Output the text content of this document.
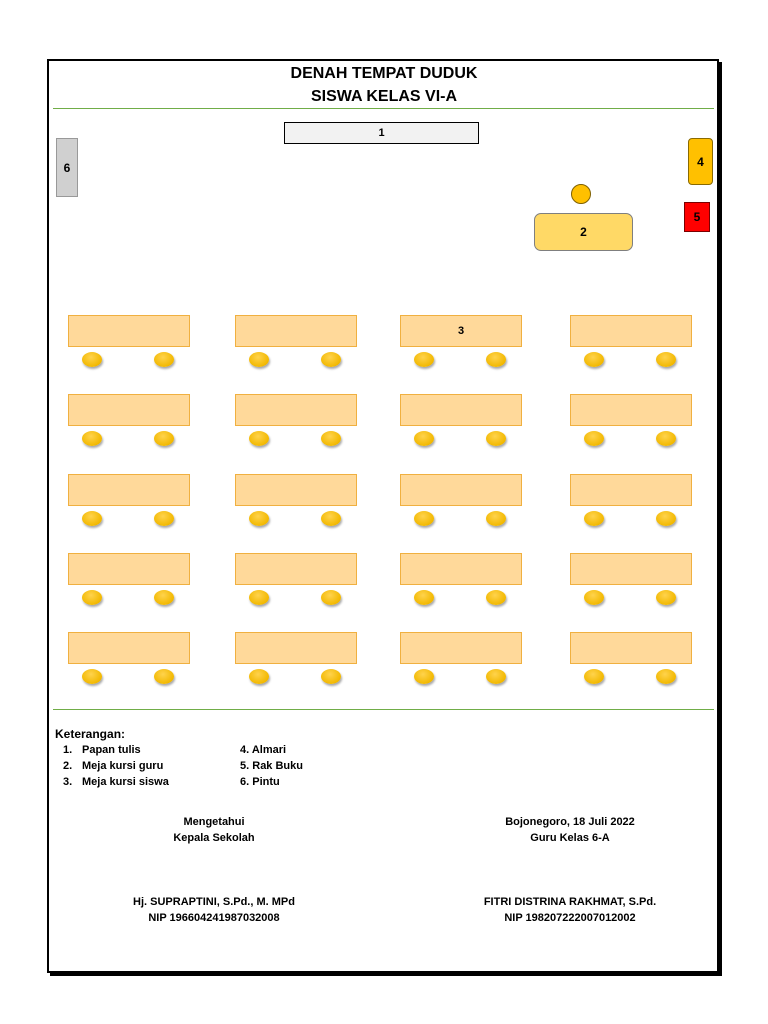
DENAH TEMPAT DUDUK
SISWA KELAS VI-A
1
6	4
5
2
3
Keterangan:
1. Papan tulis
2. Meja kursi guru
3. Meja kursi siswa
4. Almari
5. Rak Buku
6. Pintu
Mengetahui
Kepala Sekolah
Hj. SUPRAPTINI, S.Pd., M. MPd
NIP 196604241987032008
Bojonegoro, 18 Juli 2022
Guru Kelas 6-A
FITRI DISTRINA RAKHMAT, S.Pd.
NIP 198207222007012002
